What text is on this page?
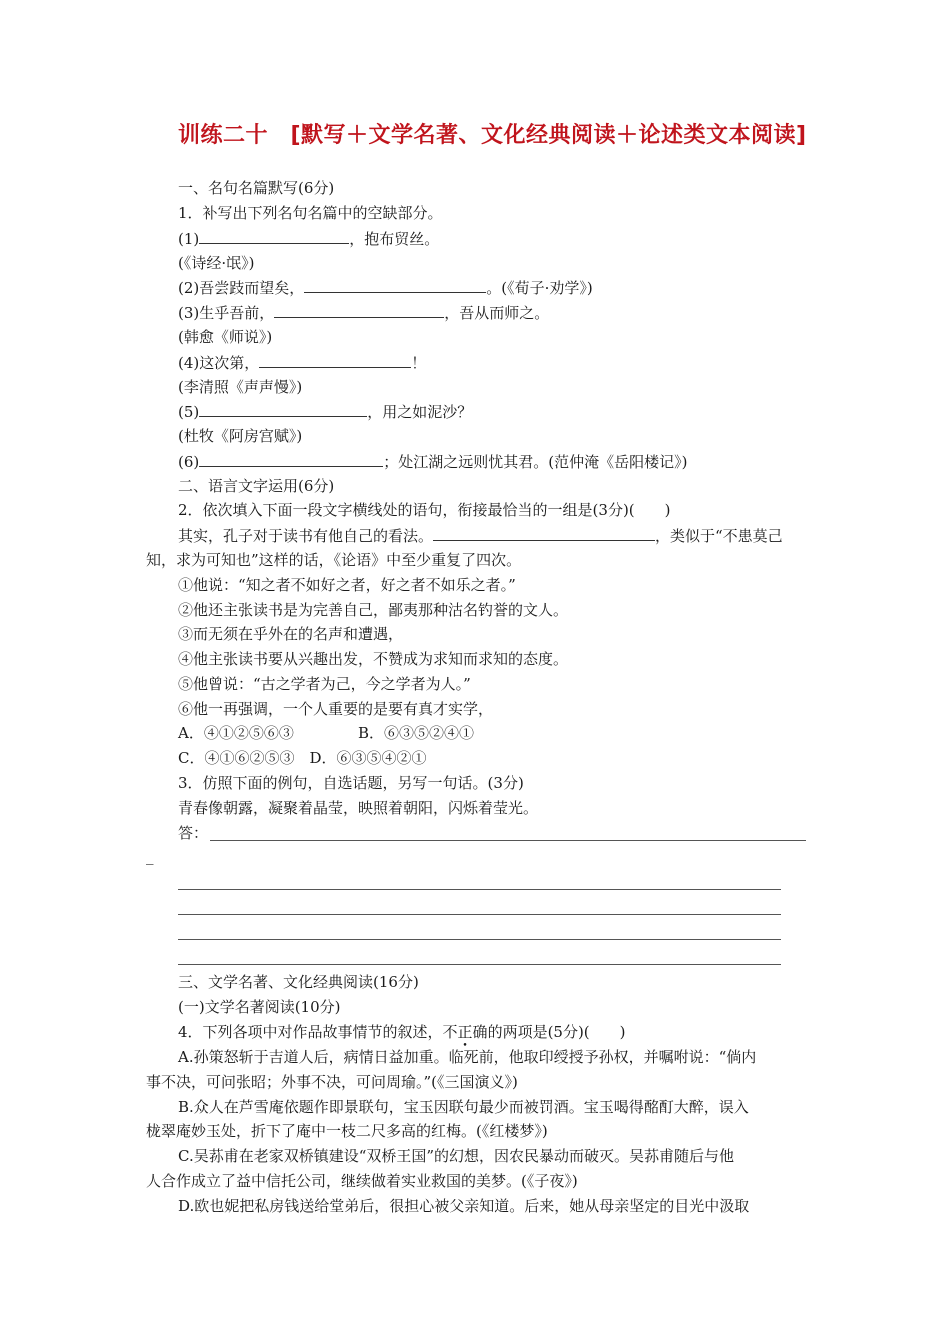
训练二十　[默写＋文学名著、文化经典阅读＋论述类文本阅读]
一、名句名篇默写(6分)
1．补写出下列名句名篇中的空缺部分。
(1)	，抱布贸丝。
(《诗经·氓》)
(2)吾尝跂而望矣，	。(《荀子·劝学》)
(3)生乎吾前，	，吾从而师之。
(韩愈《师说》)
(4)这次第，	！
(李清照《声声慢》)
(5)	，用之如泥沙？
(杜牧《阿房宫赋》)
(6)	；处江湖之远则忧其君。(范仲淹《岳阳楼记》)
二、语言文字运用(6分)
2．依次填入下面一段文字横线处的语句，衔接最恰当的一组是(3分)(　　)
其实，孔子对于读书有他自己的看法。	，类似于“不患莫己
知，求为可知也”这样的话，《论语》中至少重复了四次。
①他说：“知之者不如好之者，好之者不如乐之者。”
②他还主张读书是为完善自己，鄙夷那种沽名钓誉的文人。
③而无须在乎外在的名声和遭遇，
④他主张读书要从兴趣出发，不赞成为求知而求知的态度。
⑤他曾说：“古之学者为己，今之学者为人。”
⑥他一再强调，一个人重要的是要有真才实学，
A．④①②⑤⑥③	B．⑥③⑤②④①
C．④①⑥②⑤③　D．⑥③⑤④②①
3．仿照下面的例句，自选话题，另写一句话。(3分)
青春像朝露，凝聚着晶莹，映照着朝阳，闪烁着莹光。
答：
_
三、文学名著、文化经典阅读(16分)
(一)文学名著阅读(10分)
4．下列各项中对作品故事情节的叙述，不正确的两项是(5分)(　　)
A.孙策怒斩于吉道人后，病情日益加重。临死前，他取印绶授予孙权，并嘱咐说：“倘内
事不决，可问张昭；外事不决，可问周瑜。”(《三国演义》)
B.众人在芦雪庵依题作即景联句，宝玉因联句最少而被罚酒。宝玉喝得酩酊大醉，误入
栊翠庵妙玉处，折下了庵中一枝二尺多高的红梅。(《红楼梦》)
C.吴荪甫在老家双桥镇建设“双桥王国”的幻想，因农民暴动而破灭。吴荪甫随后与他
人合作成立了益中信托公司，继续做着实业救国的美梦。(《子夜》)
D.欧也妮把私房钱送给堂弟后，很担心被父亲知道。后来，她从母亲坚定的目光中汲取
